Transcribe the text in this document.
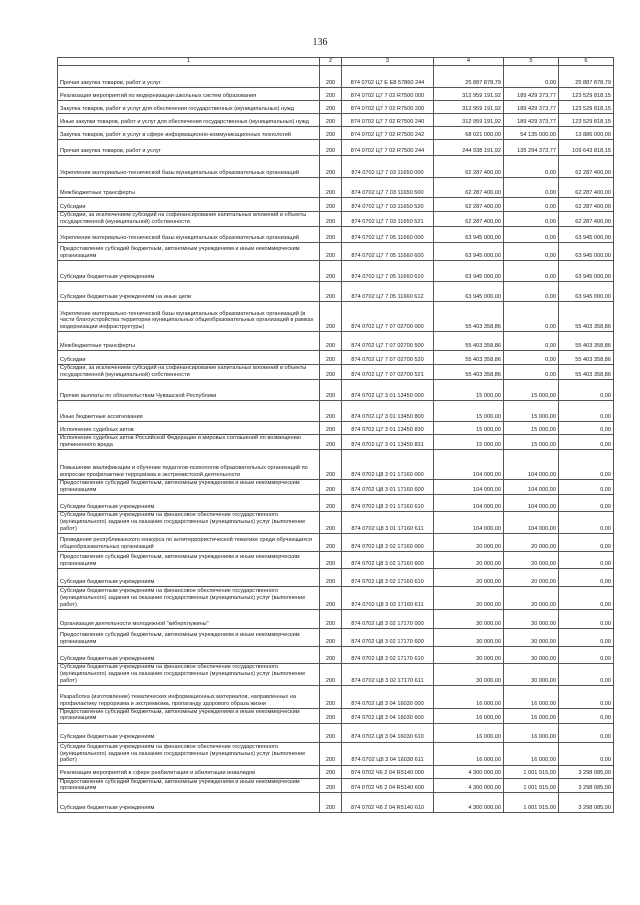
136
1	2	3	4	5	6
Прочая закупка товаров, работ и услуг	200	874 0702 Ц7 Е Е8 57860 244	25 887 878,79	0,00	25 887 878,79
Реализация мероприятий по модернизации школьных систем образования	200	874 0702 Ц7 7 02 R7500 000	312 959 191,92	189 429 373,77	123 529 818,15
Закупка товаров, работ и услуг для обеспечения государственных (муниципальных) нужд	200	874 0702 Ц7 7 02 R7500 200	312 959 191,92	189 429 373,77	123 529 818,15
Иные закупки товаров, работ и услуг для обеспечения государственных (муниципальных) нужд	200	874 0702 Ц7 7 02 R7500 240	312 959 191,92	189 429 373,77	123 529 818,15
Закупка товаров, работ и услуг в сфере информационно-коммуникационных технологий	200	874 0702 Ц7 7 02 R7500 242	68 021 000,00	54 135 000,00	13 886 000,00
Прочая закупка товаров, работ и услуг	200	874 0702 Ц7 7 02 R7500 244	244 938 191,92	135 294 373,77	109 643 818,15
Укрепление материально-технической базы муниципальных образовательных организаций	200	874 0702 Ц7 7 03 11650 000	62 287 400,00	0,00	62 287 400,00
Межбюджетные трансферты	200	874 0702 Ц7 7 03 11650 500	62 287 400,00	0,00	62 287 400,00
Субсидии	200	874 0702 Ц7 7 03 11650 520	62 287 400,00	0,00	62 287 400,00
Субсидии, за исключением субсидий на софинансирование капитальных вложений в объекты государственной (муниципальной) собственности	200	874 0702 Ц7 7 03 11650 521	62 287 400,00	0,00	62 287 400,00
Укрепление материально-технической базы муниципальных образовательных организаций	200	874 0702 Ц7 7 05 11660 000	63 945 000,00	0,00	63 945 000,00
Предоставление субсидий бюджетным, автономным учреждениям и иным некоммерческим организациям	200	874 0702 Ц7 7 05 11660 600	63 945 000,00	0,00	63 945 000,00
Субсидии бюджетным учреждениям	200	874 0702 Ц7 7 05 11660 610	63 945 000,00	0,00	63 945 000,00
Субсидии бюджетным учреждениям на иные цели	200	874 0702 Ц7 7 05 11660 612	63 945 000,00	0,00	63 945 000,00
Укрепление материально-технической базы муниципальных образовательных организаций (в части благоустройства территории муниципальных общеобразовательных организаций в рамках модернизации инфраструктуры)	200	874 0702 Ц7 7 07 02700 000	55 403 358,86	0,00	55 403 358,86
Межбюджетные трансферты	200	874 0702 Ц7 7 07 02700 500	55 403 358,86	0,00	55 403 358,86
Субсидии	200	874 0702 Ц7 7 07 02700 520	55 403 358,86	0,00	55 403 358,86
Субсидии, за исключением субсидий на софинансирование капитальных вложений в объекты государственной (муниципальной) собственности	200	874 0702 Ц7 7 07 02700 521	55 403 358,86	0,00	55 403 358,86
Прочие выплаты по обязательствам Чувашской Республики	200	874 0702 Ц7 3 01 13450 000	15 000,00	15 000,00	0,00
Иные бюджетные ассигнования	200	874 0702 Ц7 3 01 13450 800	15 000,00	15 000,00	0,00
Исполнение судебных актов	200	874 0702 Ц7 3 01 13450 830	15 000,00	15 000,00	0,00
Исполнение судебных актов Российской Федерации и мировых соглашений по возмещению причиненного вреда	200	874 0702 Ц7 3 01 13450 831	15 000,00	15 000,00	0,00
Повышение квалификации и обучение педагогов-психологов образовательных организаций по вопросам профилактики терроризма и экстремистской деятельности	200	874 0702 Ц8 3 01 17160 000	104 000,00	104 000,00	0,00
Предоставление субсидий бюджетным, автономным учреждениям и иным некоммерческим организациям	200	874 0702 Ц8 3 01 17160 600	104 000,00	104 000,00	0,00
Субсидии бюджетным учреждениям	200	874 0702 Ц8 3 01 17160 610	104 000,00	104 000,00	0,00
Субсидии бюджетным учреждениям на финансовое обеспечение государственного (муниципального) задания на оказание государственных (муниципальных) услуг (выполнение работ)	200	874 0702 Ц8 3 01 17160 611	104 000,00	104 000,00	0,00
Проведение республиканского конкурса по антитеррористической тематике среди обучающихся общеобразовательных организаций	200	874 0702 Ц8 3 02 17160 000	20 000,00	20 000,00	0,00
Предоставление субсидий бюджетным, автономным учреждениям и иным некоммерческим организациям	200	874 0702 Ц8 3 02 17160 600	20 000,00	20 000,00	0,00
Субсидии бюджетным учреждениям	200	874 0702 Ц8 3 02 17160 610	20 000,00	20 000,00	0,00
Субсидии бюджетным учреждениям на финансовое обеспечение государственного (муниципального) задания на оказание государственных (муниципальных) услуг (выполнение работ)	200	874 0702 Ц8 3 02 17160 611	20 000,00	20 000,00	0,00
Организация деятельности молодежной "киберплужины"	200	874 0702 Ц8 3 02 17170 000	30 000,00	30 000,00	0,00
Предоставление субсидий бюджетным, автономным учреждениям и иным некоммерческим организациям	200	874 0702 Ц8 3 02 17170 600	30 000,00	30 000,00	0,00
Субсидии бюджетным учреждениям	200	874 0702 Ц8 3 02 17170 610	30 000,00	30 000,00	0,00
Субсидии бюджетным учреждениям на финансовое обеспечение государственного (муниципального) задания на оказание государственных (муниципальных) услуг (выполнение работ)	200	874 0702 Ц8 3 02 17170 611	30 000,00	30 000,00	0,00
Разработка (изготовление) тематических информационных материалов, направленных на профилактику терроризма и экстремизма, пропаганду здорового образа жизни	200	874 0702 Ц8 3 04 16030 000	16 000,00	16 000,00	0,00
Предоставление субсидий бюджетным, автономным учреждениям и иным некоммерческим организациям	200	874 0702 Ц8 3 04 16030 600	16 000,00	16 000,00	0,00
Субсидии бюджетным учреждениям	200	874 0702 Ц8 3 04 16030 610	16 000,00	16 000,00	0,00
Субсидии бюджетным учреждениям на финансовое обеспечение государственного (муниципального) задания на оказание государственных (муниципальных) услуг (выполнение работ)	200	874 0702 Ц8 3 04 16030 611	16 000,00	16 000,00	0,00
Реализация мероприятий в сфере реабилитации и абилитации инвалидов	200	874 0702 Ч6 2 04 R5140 000	4 300 000,00	1 001 915,00	3 298 085,00
Предоставление субсидий бюджетным, автономным учреждениям и иным некоммерческим организациям	200	874 0702 Ч6 2 04 R5140 600	4 300 000,00	1 001 915,00	3 298 085,00
Субсидии бюджетным учреждениям	200	874 0702 Ч6 2 04 R5140 610	4 300 000,00	1 001 915,00	3 298 085,00
